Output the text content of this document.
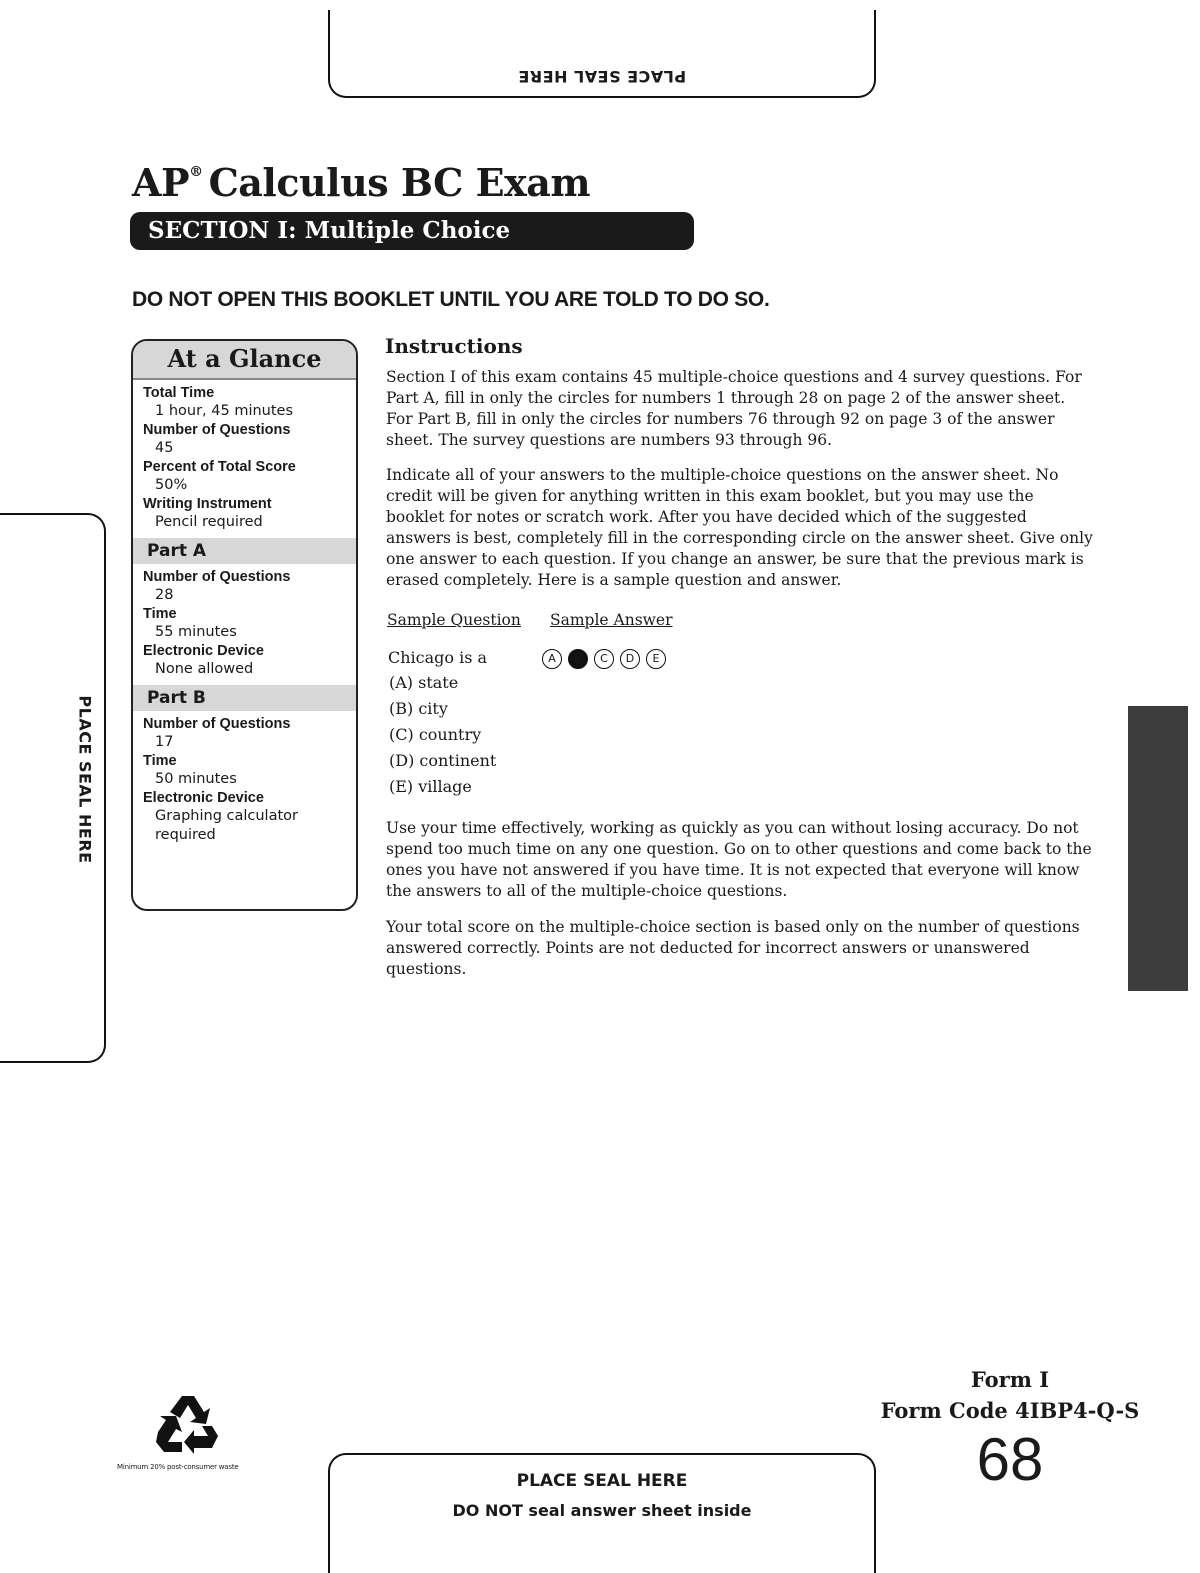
PLACE SEAL HERE
PLACE SEAL HERE
AP® Calculus BC Exam
SECTION I: Multiple Choice
DO NOT OPEN THIS BOOKLET UNTIL YOU ARE TOLD TO DO SO.
At a Glance
Total Time
1 hour, 45 minutes
Number of Questions
45
Percent of Total Score
50%
Writing Instrument
Pencil required
Part A
Number of Questions
28
Time
55 minutes
Electronic Device
None allowed
Part B
Number of Questions
17
Time
50 minutes
Electronic Device
Graphing calculator required
Instructions
Section I of this exam contains 45 multiple-choice questions and 4 survey questions. For Part A, fill in only the circles for numbers 1 through 28 on page 2 of the answer sheet. For Part B, fill in only the circles for numbers 76 through 92 on page 3 of the answer sheet. The survey questions are numbers 93 through 96.
Indicate all of your answers to the multiple-choice questions on the answer sheet. No credit will be given for anything written in this exam booklet, but you may use the booklet for notes or scratch work. After you have decided which of the suggested answers is best, completely fill in the corresponding circle on the answer sheet. Give only one answer to each question. If you change an answer, be sure that the previous mark is erased completely. Here is a sample question and answer.
Sample Question Sample Answer
Chicago is a
(A) state
(B) city
(C) country
(D) continent
(E) village
A	B	C	D	E
Use your time effectively, working as quickly as you can without losing accuracy. Do not spend too much time on any one question. Go on to other questions and come back to the ones you have not answered if you have time. It is not expected that everyone will know the answers to all of the multiple-choice questions.
Your total score on the multiple-choice section is based only on the number of questions answered correctly. Points are not deducted for incorrect answers or unanswered questions.
Minimum 20% post-consumer waste
PLACE SEAL HERE
DO NOT seal answer sheet inside
Form I
Form Code 4IBP4-Q-S
68
